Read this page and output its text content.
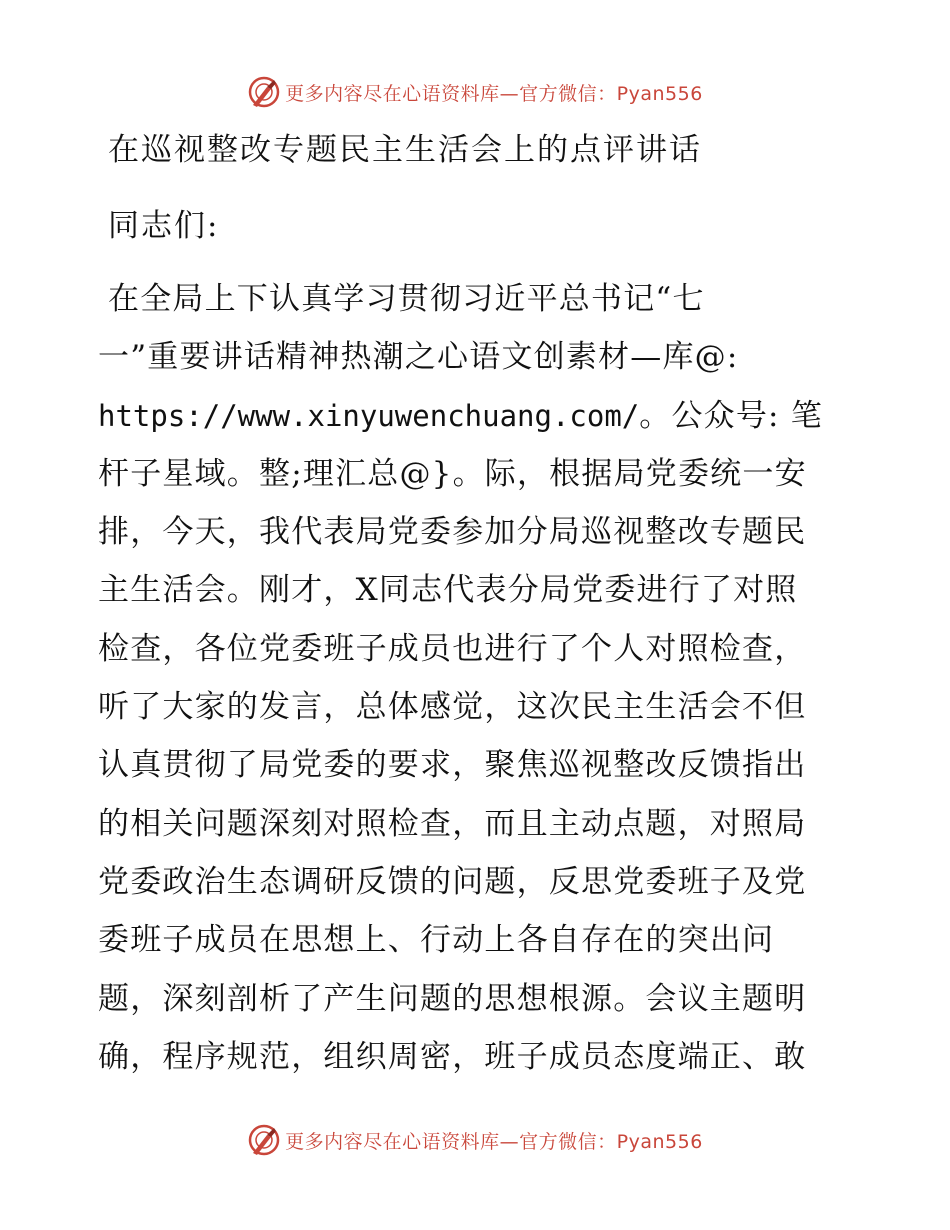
更多内容尽在心语资料库—官方微信：Pyan556
在巡视整改专题民主生活会上的点评讲话

同志们:

在全局上下认真学习贯彻习近平总书记“七
一”重要讲话精神热潮之心语文创素材—库@:
https://www.xinyuwenchuang.com/。公众号: 笔
杆子星域。整;理汇总@}。际，根据局党委统一安
排，今天，我代表局党委参加分局巡视整改专题民
主生活会。刚才，X同志代表分局党委进行了对照
检查，各位党委班子成员也进行了个人对照检查，
听了大家的发言，总体感觉，这次民主生活会不但
认真贯彻了局党委的要求，聚焦巡视整改反馈指出
的相关问题深刻对照检查，而且主动点题，对照局
党委政治生态调研反馈的问题，反思党委班子及党
委班子成员在思想上、行动上各自存在的突出问
题，深刻剖析了产生问题的思想根源。会议主题明
确，程序规范，组织周密，班子成员态度端正、敢
更多内容尽在心语资料库—官方微信：Pyan556
